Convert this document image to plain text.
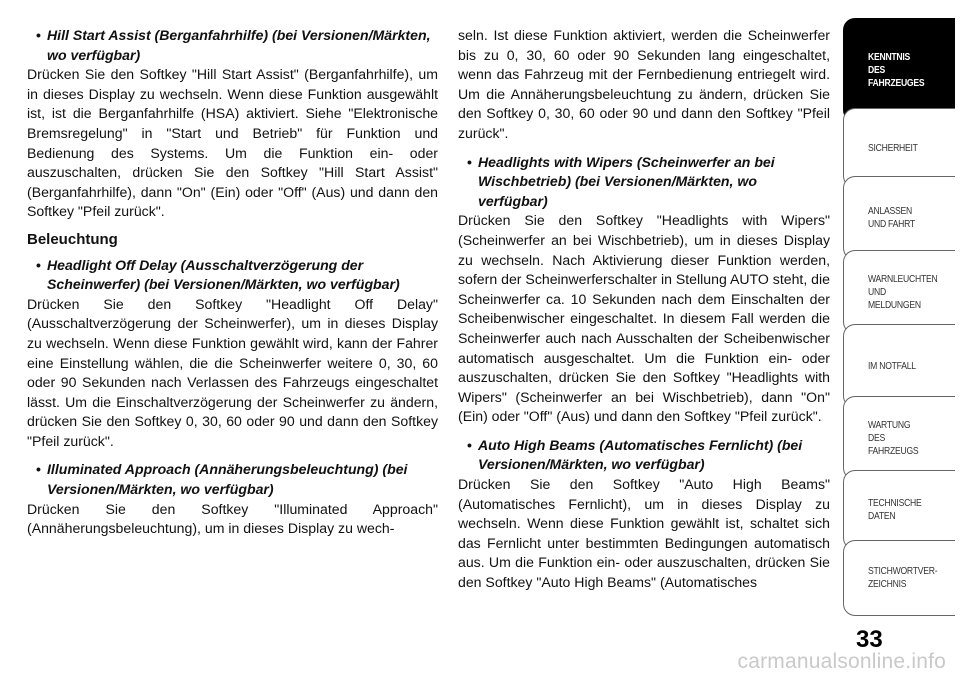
• Hill Start Assist (Berganfahrhilfe) (bei Versionen/Märkten, wo verfügbar)
Drücken Sie den Softkey "Hill Start Assist" (Berganfahrhilfe), um in dieses Display zu wechseln. Wenn diese Funktion ausgewählt ist, ist die Berganfahrhilfe (HSA) aktiviert. Siehe "Elektronische Bremsregelung" in "Start und Betrieb" für Funktion und Bedienung des Systems. Um die Funktion ein- oder auszuschalten, drücken Sie den Softkey "Hill Start Assist" (Berganfahrhilfe), dann "On" (Ein) oder "Off" (Aus) und dann den Softkey "Pfeil zurück".
Beleuchtung
• Headlight Off Delay (Ausschaltverzögerung der Scheinwerfer) (bei Versionen/Märkten, wo verfügbar)
Drücken Sie den Softkey "Headlight Off Delay" (Ausschaltverzögerung der Scheinwerfer), um in dieses Display zu wechseln. Wenn diese Funktion gewählt wird, kann der Fahrer eine Einstellung wählen, die die Scheinwerfer weitere 0, 30, 60 oder 90 Sekunden nach Verlassen des Fahrzeugs eingeschaltet lässt. Um die Einschaltverzögerung der Scheinwerfer zu ändern, drücken Sie den Softkey 0, 30, 60 oder 90 und dann den Softkey "Pfeil zurück".
• Illuminated Approach (Annäherungsbeleuchtung) (bei Versionen/Märkten, wo verfügbar)
Drücken Sie den Softkey "Illuminated Approach" (Annäherungsbeleuchtung), um in dieses Display zu wech-
seln. Ist diese Funktion aktiviert, werden die Scheinwerfer bis zu 0, 30, 60 oder 90 Sekunden lang eingeschaltet, wenn das Fahrzeug mit der Fernbedienung entriegelt wird. Um die Annäherungsbeleuchtung zu ändern, drücken Sie den Softkey 0, 30, 60 oder 90 und dann den Softkey "Pfeil zurück".
• Headlights with Wipers (Scheinwerfer an bei Wischbetrieb) (bei Versionen/Märkten, wo verfügbar)
Drücken Sie den Softkey "Headlights with Wipers" (Scheinwerfer an bei Wischbetrieb), um in dieses Display zu wechseln. Nach Aktivierung dieser Funktion werden, sofern der Scheinwerferschalter in Stellung AUTO steht, die Scheinwerfer ca. 10 Sekunden nach dem Einschalten der Scheibenwischer eingeschaltet. In diesem Fall werden die Scheinwerfer auch nach Ausschalten der Scheibenwischer automatisch ausgeschaltet. Um die Funktion ein- oder auszuschalten, drücken Sie den Softkey "Headlights with Wipers" (Scheinwerfer an bei Wischbetrieb), dann "On" (Ein) oder "Off" (Aus) und dann den Softkey "Pfeil zurück".
• Auto High Beams (Automatisches Fernlicht) (bei Versionen/Märkten, wo verfügbar)
Drücken Sie den Softkey "Auto High Beams" (Automatisches Fernlicht), um in dieses Display zu wechseln. Wenn diese Funktion gewählt ist, schaltet sich das Fernlicht unter bestimmten Bedingungen automatisch aus. Um die Funktion ein- oder auszuschalten, drücken Sie den Softkey "Auto High Beams" (Automatisches
KENNTNIS
DES
FAHRZEUGES
SICHERHEIT
ANLASSEN
UND FAHRT
WARNLEUCHTEN
UND
MELDUNGEN
IM NOTFALL
WARTUNG
DES
FAHRZEUGS
TECHNISCHE
DATEN
STICHWORTVER-
ZEICHNIS
33
carmanualsonline.info
